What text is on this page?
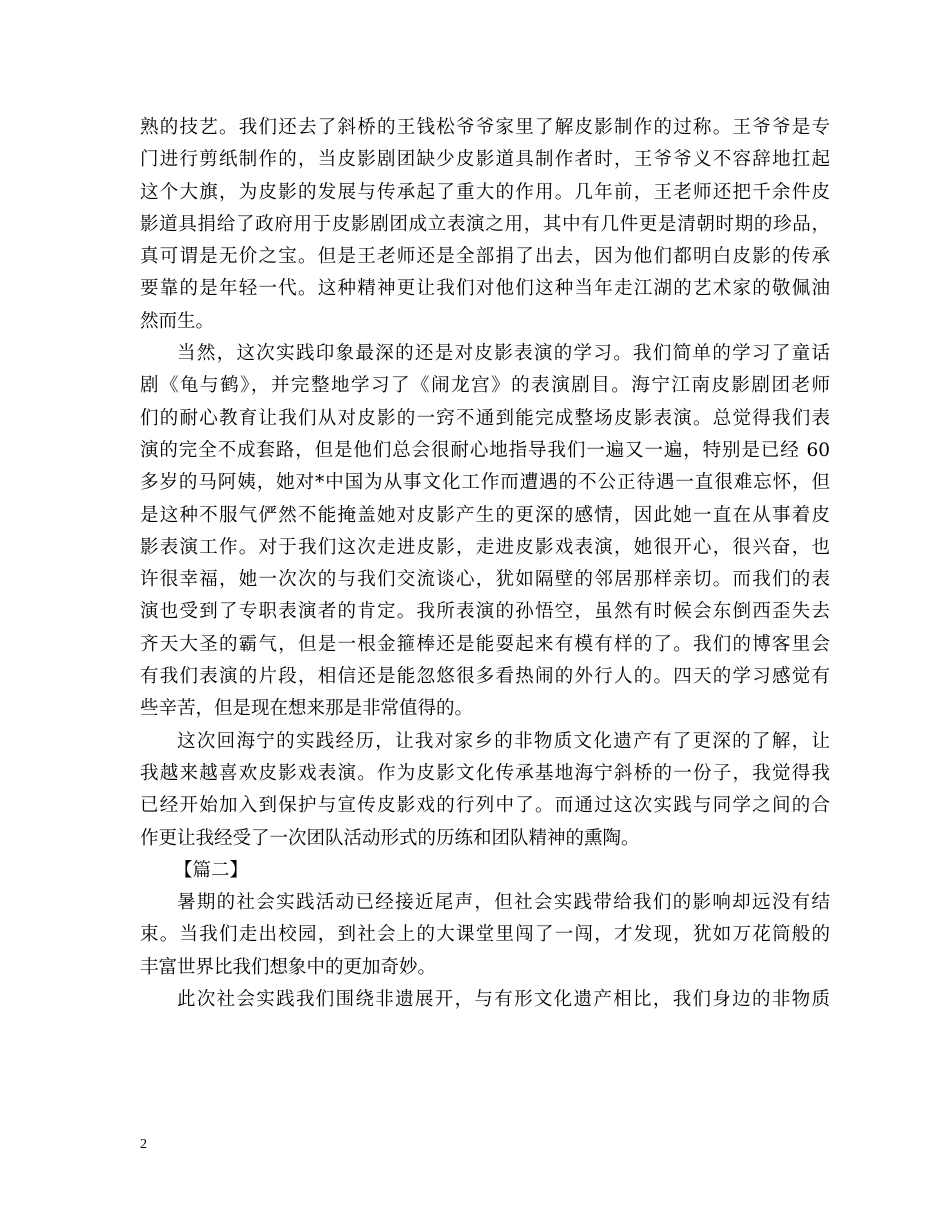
熟的技艺。我们还去了斜桥的王钱松爷爷家里了解皮影制作的过称。王爷爷是专
门进行剪纸制作的，当皮影剧团缺少皮影道具制作者时，王爷爷义不容辞地扛起
这个大旗，为皮影的发展与传承起了重大的作用。几年前，王老师还把千余件皮
影道具捐给了政府用于皮影剧团成立表演之用，其中有几件更是清朝时期的珍品，
真可谓是无价之宝。但是王老师还是全部捐了出去，因为他们都明白皮影的传承
要靠的是年轻一代。这种精神更让我们对他们这种当年走江湖的艺术家的敬佩油
然而生。
当然，这次实践印象最深的还是对皮影表演的学习。我们简单的学习了童话
剧《龟与鹤》，并完整地学习了《闹龙宫》的表演剧目。海宁江南皮影剧团老师
们的耐心教育让我们从对皮影的一窍不通到能完成整场皮影表演。总觉得我们表
演的完全不成套路，但是他们总会很耐心地指导我们一遍又一遍，特别是已经 60
多岁的马阿姨，她对*中国为从事文化工作而遭遇的不公正待遇一直很难忘怀，但
是这种不服气俨然不能掩盖她对皮影产生的更深的感情，因此她一直在从事着皮
影表演工作。对于我们这次走进皮影，走进皮影戏表演，她很开心，很兴奋，也
许很幸福，她一次次的与我们交流谈心，犹如隔壁的邻居那样亲切。而我们的表
演也受到了专职表演者的肯定。我所表演的孙悟空，虽然有时候会东倒西歪失去
齐天大圣的霸气，但是一根金箍棒还是能耍起来有模有样的了。我们的博客里会
有我们表演的片段，相信还是能忽悠很多看热闹的外行人的。四天的学习感觉有
些辛苦，但是现在想来那是非常值得的。
这次回海宁的实践经历，让我对家乡的非物质文化遗产有了更深的了解，让
我越来越喜欢皮影戏表演。作为皮影文化传承基地海宁斜桥的一份子，我觉得我
已经开始加入到保护与宣传皮影戏的行列中了。而通过这次实践与同学之间的合
作更让我经受了一次团队活动形式的历练和团队精神的熏陶。
【篇二】
暑期的社会实践活动已经接近尾声，但社会实践带给我们的影响却远没有结
束。当我们走出校园，到社会上的大课堂里闯了一闯，才发现，犹如万花筒般的
丰富世界比我们想象中的更加奇妙。
此次社会实践我们围绕非遗展开，与有形文化遗产相比，我们身边的非物质
2
